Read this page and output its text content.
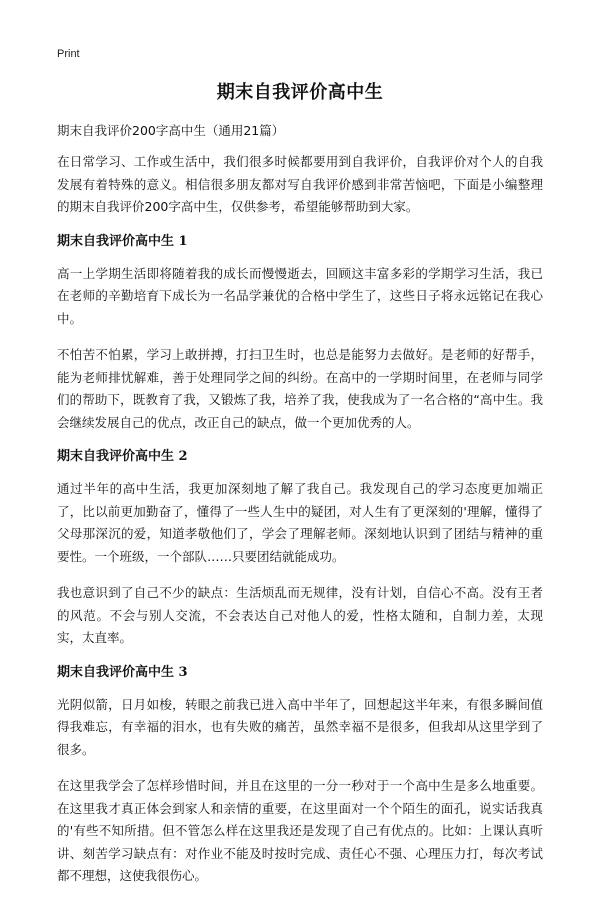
Print
期末自我评价高中生
期末自我评价200字高中生（通用21篇）

在日常学习、工作或生活中，我们很多时候都要用到自我评价，自我评价对个人的自我发展有着特殊的意义。相信很多朋友都对写自我评价感到非常苦恼吧，下面是小编整理的期末自我评价200字高中生，仅供参考，希望能够帮助到大家。

期末自我评价高中生 1

高一上学期生活即将随着我的成长而慢慢逝去，回顾这丰富多彩的学期学习生活，我已在老师的辛勤培育下成长为一名品学兼优的合格中学生了，这些日子将永远铭记在我心中。

不怕苦不怕累，学习上敢拼搏，打扫卫生时，也总是能努力去做好。是老师的好帮手，能为老师排忧解难，善于处理同学之间的纠纷。在高中的一学期时间里，在老师与同学们的帮助下，既教育了我，又锻炼了我，培养了我，使我成为了一名合格的“高中生。我会继续发展自己的优点，改正自己的缺点，做一个更加优秀的人。

期末自我评价高中生 2

通过半年的高中生活，我更加深刻地了解了我自己。我发现自己的学习态度更加端正了，比以前更加勤奋了，懂得了一些人生中的疑团，对人生有了更深刻的'理解，懂得了父母那深沉的爱，知道孝敬他们了，学会了理解老师。深刻地认识到了团结与精神的重要性。一个班级，一个部队……只要团结就能成功。

我也意识到了自己不少的缺点：生活烦乱而无规律，没有计划，自信心不高。没有王者的风范。不会与别人交流，不会表达自己对他人的爱，性格太随和，自制力差，太现实，太直率。

期末自我评价高中生 3

光阴似箭，日月如梭，转眼之前我已进入高中半年了，回想起这半年来，有很多瞬间值得我难忘，有幸福的泪水，也有失败的痛苦，虽然幸福不是很多，但我却从这里学到了很多。

在这里我学会了怎样珍惜时间，并且在这里的一分一秒对于一个高中生是多么地重要。在这里我才真正体会到家人和亲情的重要，在这里面对一个个陌生的面孔，说实话我真的'有些不知所措。但不管怎么样在这里我还是发现了自己有优点的。比如：上课认真听讲、刻苦学习缺点有：对作业不能及时按时完成、责任心不强、心理压力打，每次考试都不理想，这使我很伤心。
